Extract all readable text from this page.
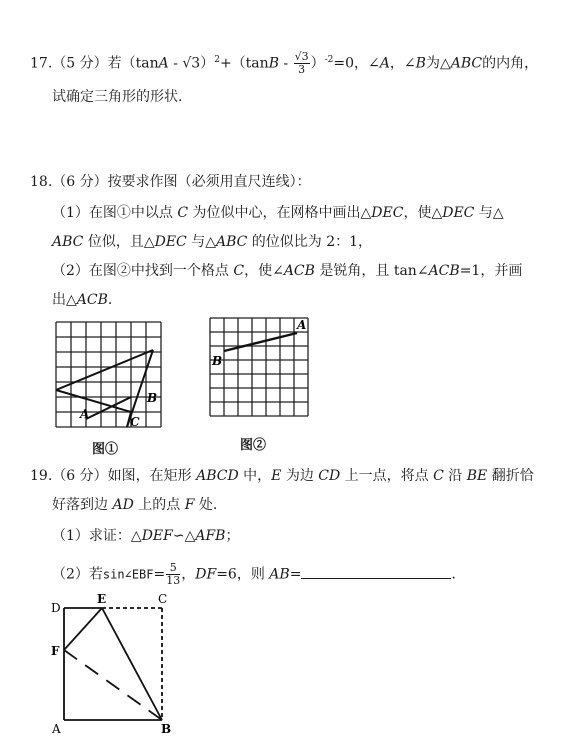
17.（5 分）若$(\tan A - √3)^2+(\tan B - \frac{√3}{3} )^{-2}=0$，∠A，∠B为△ABC的内角，
试确定三角形的形状.
18.（6 分）按要求作图（必须用直尺连线）：
（1）在图①中以点 C 为位似中心，在网格中画出△DEC，使△DEC 与△
ABC 位似，且△DEC 与△ABC 的位似比为 2：1，
（2）在图②中找到一个格点 C，使∠ACB 是锐角，且 tan∠ACB=1，并画
出△ACB.
A
B
C
图①
A
B
图②
19.（6 分）如图，在矩形 ABCD 中，E 为边 CD 上一点，将点 C 沿 BE 翻折恰
好落到边 AD 上的点 F 处.
（1）求证：△DEF∽△AFB；
（2）若sin∠EBF= $\frac{5}{13}$ ，DF=6，则 AB=	.
D
E	C
F
A	B
